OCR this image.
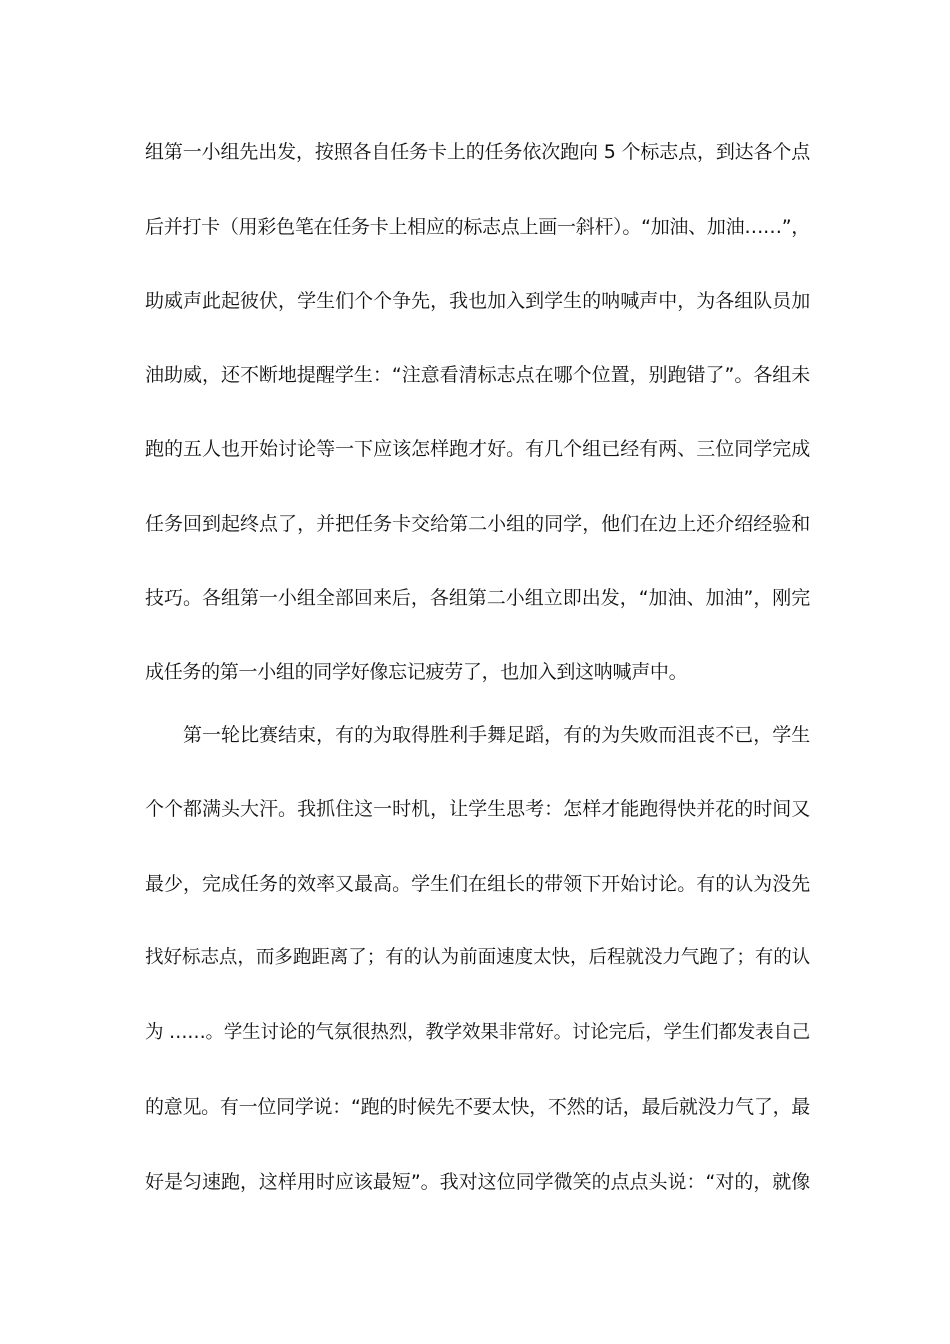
组第一小组先出发，按照各自任务卡上的任务依次跑向 5 个标志点，到达各个点
后并打卡（用彩色笔在任务卡上相应的标志点上画一斜杆）。“加油、加油……”，
助威声此起彼伏，学生们个个争先，我也加入到学生的呐喊声中，为各组队员加
油助威，还不断地提醒学生：“注意看清标志点在哪个位置，别跑错了”。各组未
跑的五人也开始讨论等一下应该怎样跑才好。有几个组已经有两、三位同学完成
任务回到起终点了，并把任务卡交给第二小组的同学，他们在边上还介绍经验和
技巧。各组第一小组全部回来后，各组第二小组立即出发，“加油、加油”，刚完
成任务的第一小组的同学好像忘记疲劳了，也加入到这呐喊声中。
第一轮比赛结束，有的为取得胜利手舞足蹈，有的为失败而沮丧不已，学生
个个都满头大汗。我抓住这一时机，让学生思考：怎样才能跑得快并花的时间又
最少，完成任务的效率又最高。学生们在组长的带领下开始讨论。有的认为没先
找好标志点，而多跑距离了；有的认为前面速度太快，后程就没力气跑了；有的认
为 ……。学生讨论的气氛很热烈，教学效果非常好。讨论完后，学生们都发表自己
的意见。有一位同学说：“跑的时候先不要太快，不然的话，最后就没力气了，最
好是匀速跑，这样用时应该最短”。我对这位同学微笑的点点头说：“对的，就像
